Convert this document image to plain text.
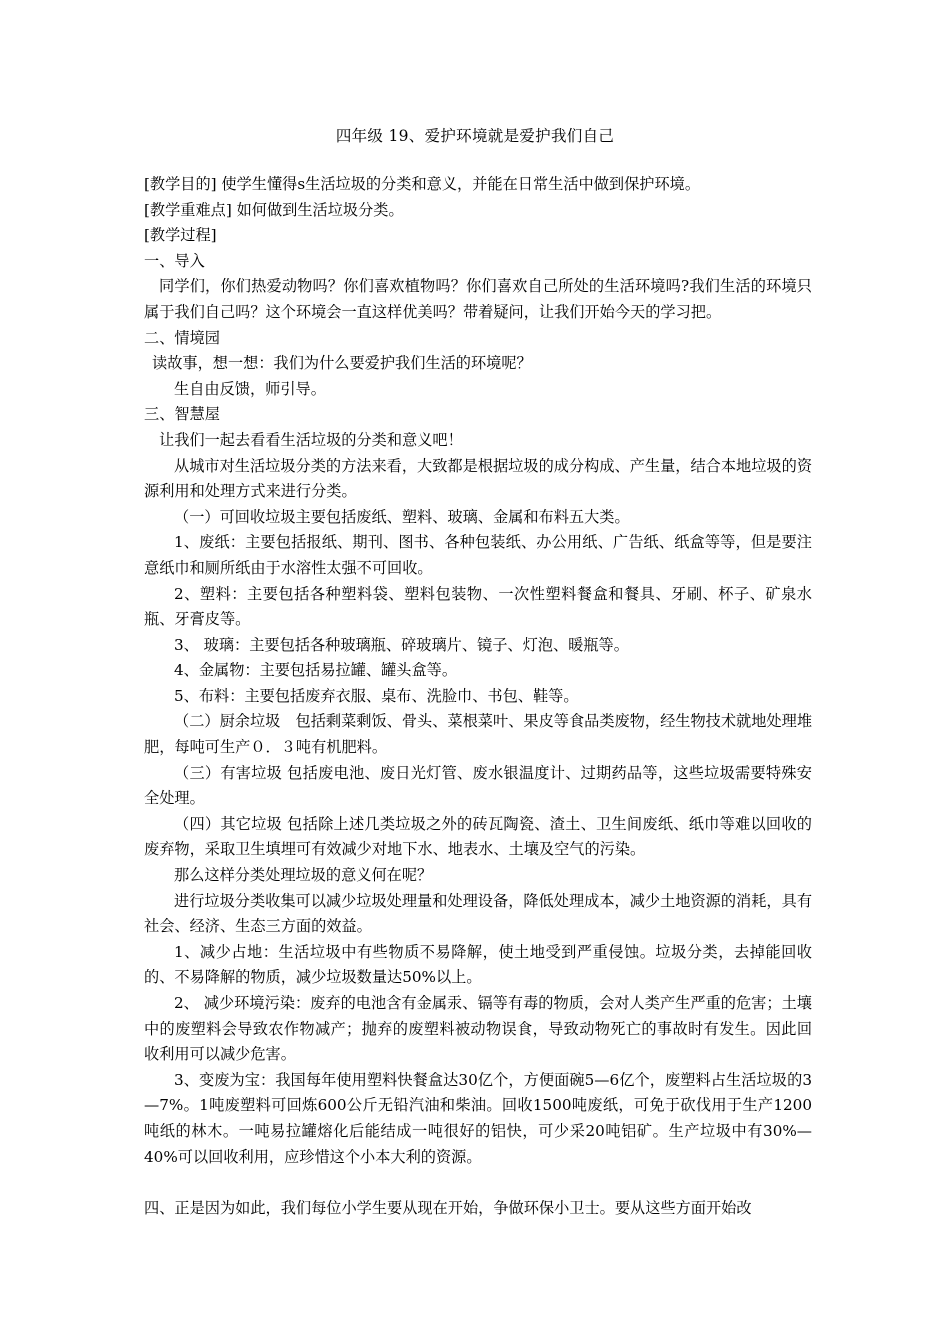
四年级 19、爱护环境就是爱护我们自己

[教学目的] 使学生懂得s生活垃圾的分类和意义，并能在日常生活中做到保护环境。

[教学重难点] 如何做到生活垃圾分类。

[教学过程]

一、导入

同学们，你们热爱动物吗？你们喜欢植物吗？你们喜欢自己所处的生活环境吗?我们生活的环境只属于我们自己吗？这个环境会一直这样优美吗？带着疑问，让我们开始今天的学习把。

二、情境园

读故事，想一想：我们为什么要爱护我们生活的环境呢？

生自由反馈，师引导。

三、智慧屋

让我们一起去看看生活垃圾的分类和意义吧！

从城市对生活垃圾分类的方法来看，大致都是根据垃圾的成分构成、产生量，结合本地垃圾的资源利用和处理方式来进行分类。

（一）可回收垃圾主要包括废纸、塑料、玻璃、金属和布料五大类。

1、废纸：主要包括报纸、期刊、图书、各种包装纸、办公用纸、广告纸、纸盒等等，但是要注意纸巾和厕所纸由于水溶性太强不可回收。

2、塑料：主要包括各种塑料袋、塑料包装物、一次性塑料餐盒和餐具、牙刷、杯子、矿泉水瓶、牙膏皮等。

3、 玻璃：主要包括各种玻璃瓶、碎玻璃片、镜子、灯泡、暖瓶等。

4、金属物：主要包括易拉罐、罐头盒等。

5、布料：主要包括废弃衣服、桌布、洗脸巾、书包、鞋等。

（二）厨余垃圾　包括剩菜剩饭、骨头、菜根菜叶、果皮等食品类废物，经生物技术就地处理堆肥，每吨可生产０．３吨有机肥料。

（三）有害垃圾 包括废电池、废日光灯管、废水银温度计、过期药品等，这些垃圾需要特殊安全处理。

（四）其它垃圾 包括除上述几类垃圾之外的砖瓦陶瓷、渣土、卫生间废纸、纸巾等难以回收的废弃物，采取卫生填埋可有效减少对地下水、地表水、土壤及空气的污染。

那么这样分类处理垃圾的意义何在呢？

进行垃圾分类收集可以减少垃圾处理量和处理设备，降低处理成本，减少土地资源的消耗，具有社会、经济、生态三方面的效益。

1、减少占地：生活垃圾中有些物质不易降解，使土地受到严重侵蚀。垃圾分类，去掉能回收的、不易降解的物质，减少垃圾数量达50%以上。

2、 减少环境污染：废弃的电池含有金属汞、镉等有毒的物质，会对人类产生严重的危害；土壤中的废塑料会导致农作物减产；抛弃的废塑料被动物误食，导致动物死亡的事故时有发生。因此回收利用可以减少危害。

3、变废为宝：我国每年使用塑料快餐盒达30亿个，方便面碗5—6亿个，废塑料占生活垃圾的3—7%。1吨废塑料可回炼600公斤无铅汽油和柴油。回收1500吨废纸，可免于砍伐用于生产1200吨纸的林木。一吨易拉罐熔化后能结成一吨很好的铝快，可少采20吨铝矿。生产垃圾中有30%—40%可以回收利用，应珍惜这个小本大利的资源。

四、正是因为如此，我们每位小学生要从现在开始，争做环保小卫士。要从这些方面开始改
